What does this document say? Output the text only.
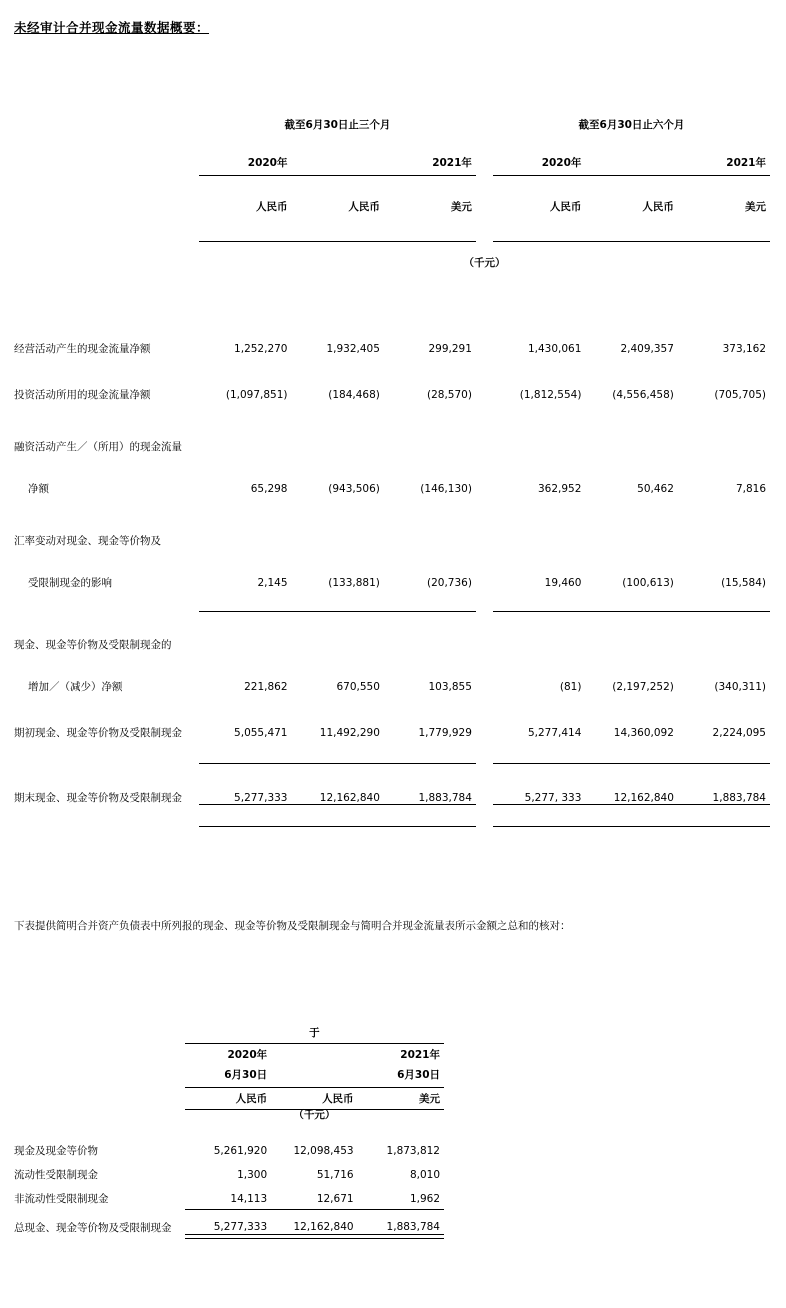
未经审计合并现金流量数据概要：
	截至6月30日止三个月				截至6月30日止六个月		

	2020年	2021年			2020年	2021年	

	人民币	人民币	美元		人民币	人民币	美元

	（千元）						

经营活动产生的现金流量净额	1,252,270	1,932,405	299,291		1,430,061	2,409,357	373,162

投资活动所用的现金流量净额	(1,097,851)	(184,468)	(28,570)		(1,812,554)	(4,556,458)	(705,705)

融资活动产生／（所用）的现金流量							

净额	65,298	(943,506)	(146,130)		362,952	50,462	7,816

汇率变动对现金、现金等价物及							

受限制现金的影响	2,145	(133,881)	(20,736)		19,460	(100,613)	(15,584)

现金、现金等价物及受限制现金的							

增加／（减少）净额	221,862	670,550	103,855		(81)	(2,197,252)	(340,311)

期初现金、现金等价物及受限制现金	5,055,471	11,492,290	1,779,929		5,277,414	14,360,092	2,224,095

期末现金、现金等价物及受限制现金	5,277,333	12,162,840	1,883,784		5,277, 333	12,162,840	1,883,784

下表提供简明合并资产负债表中所列报的现金、现金等价物及受限制现金与简明合并现金流量表所示金额之总和的核对：
	于		

	2020年	2021年	

	6月30日	6月30日	

	人民币	人民币	美元

	（千元）		

现金及现金等价物	5,261,920	12,098,453	1,873,812
流动性受限制现金	1,300	51,716	8,010
非流动性受限制现金	14,113	12,671	1,962

总现金、现金等价物及受限制现金	5,277,333	12,162,840	1,883,784
